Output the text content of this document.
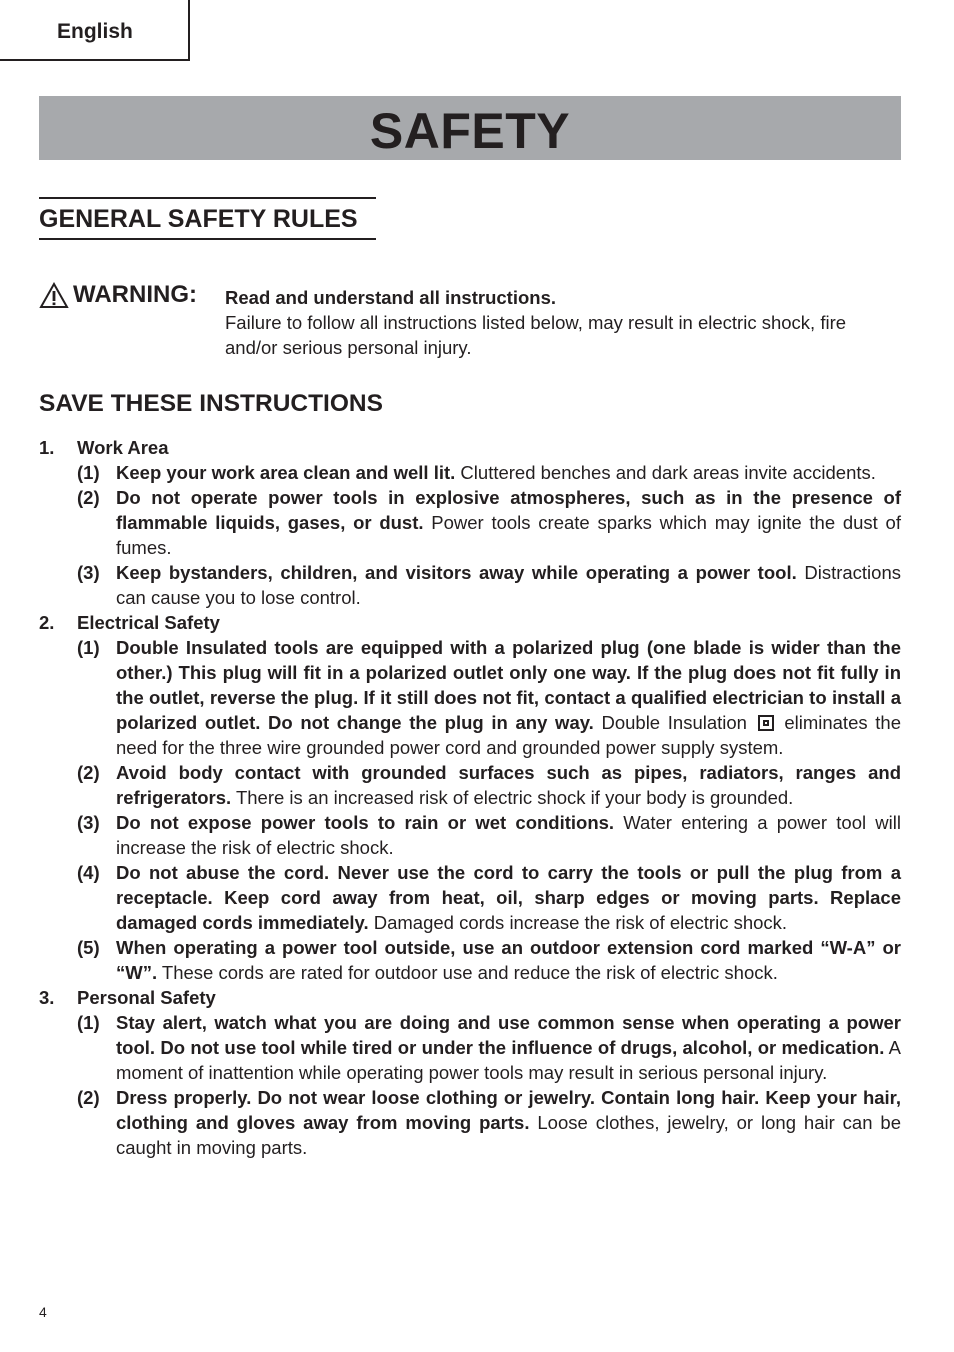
English
SAFETY
GENERAL SAFETY RULES
WARNING: Read and understand all instructions.
Failure to follow all instructions listed below, may result in electric shock, fire and/or serious personal injury.
SAVE THESE INSTRUCTIONS
1. Work Area
(1) Keep your work area clean and well lit. Cluttered benches and dark areas invite accidents.
(2) Do not operate power tools in explosive atmospheres, such as in the presence of flammable liquids, gases, or dust. Power tools create sparks which may ignite the dust of fumes.
(3) Keep bystanders, children, and visitors away while operating a power tool. Distractions can cause you to lose control.
2. Electrical Safety
(1) Double Insulated tools are equipped with a polarized plug (one blade is wider than the other.) This plug will fit in a polarized outlet only one way. If the plug does not fit fully in the outlet, reverse the plug. If it still does not fit, contact a qualified electrician to install a polarized outlet. Do not change the plug in any way. Double Insulation  eliminates the need for the three wire grounded power cord and grounded power supply system.
(2) Avoid body contact with grounded surfaces such as pipes, radiators, ranges and refrigerators. There is an increased risk of electric shock if your body is grounded.
(3) Do not expose power tools to rain or wet conditions. Water entering a power tool will increase the risk of electric shock.
(4) Do not abuse the cord. Never use the cord to carry the tools or pull the plug from a receptacle. Keep cord away from heat, oil, sharp edges or moving parts. Replace damaged cords immediately. Damaged cords increase the risk of electric shock.
(5) When operating a power tool outside, use an outdoor extension cord marked “W-A” or “W”. These cords are rated for outdoor use and reduce the risk of electric shock.
3. Personal Safety
(1) Stay alert, watch what you are doing and use common sense when operating a power tool. Do not use tool while tired or under the influence of drugs, alcohol, or medication. A moment of inattention while operating power tools may result in serious personal injury.
(2) Dress properly. Do not wear loose clothing or jewelry. Contain long hair. Keep your hair, clothing and gloves away from moving parts. Loose clothes, jewelry, or long hair can be caught in moving parts.
4
